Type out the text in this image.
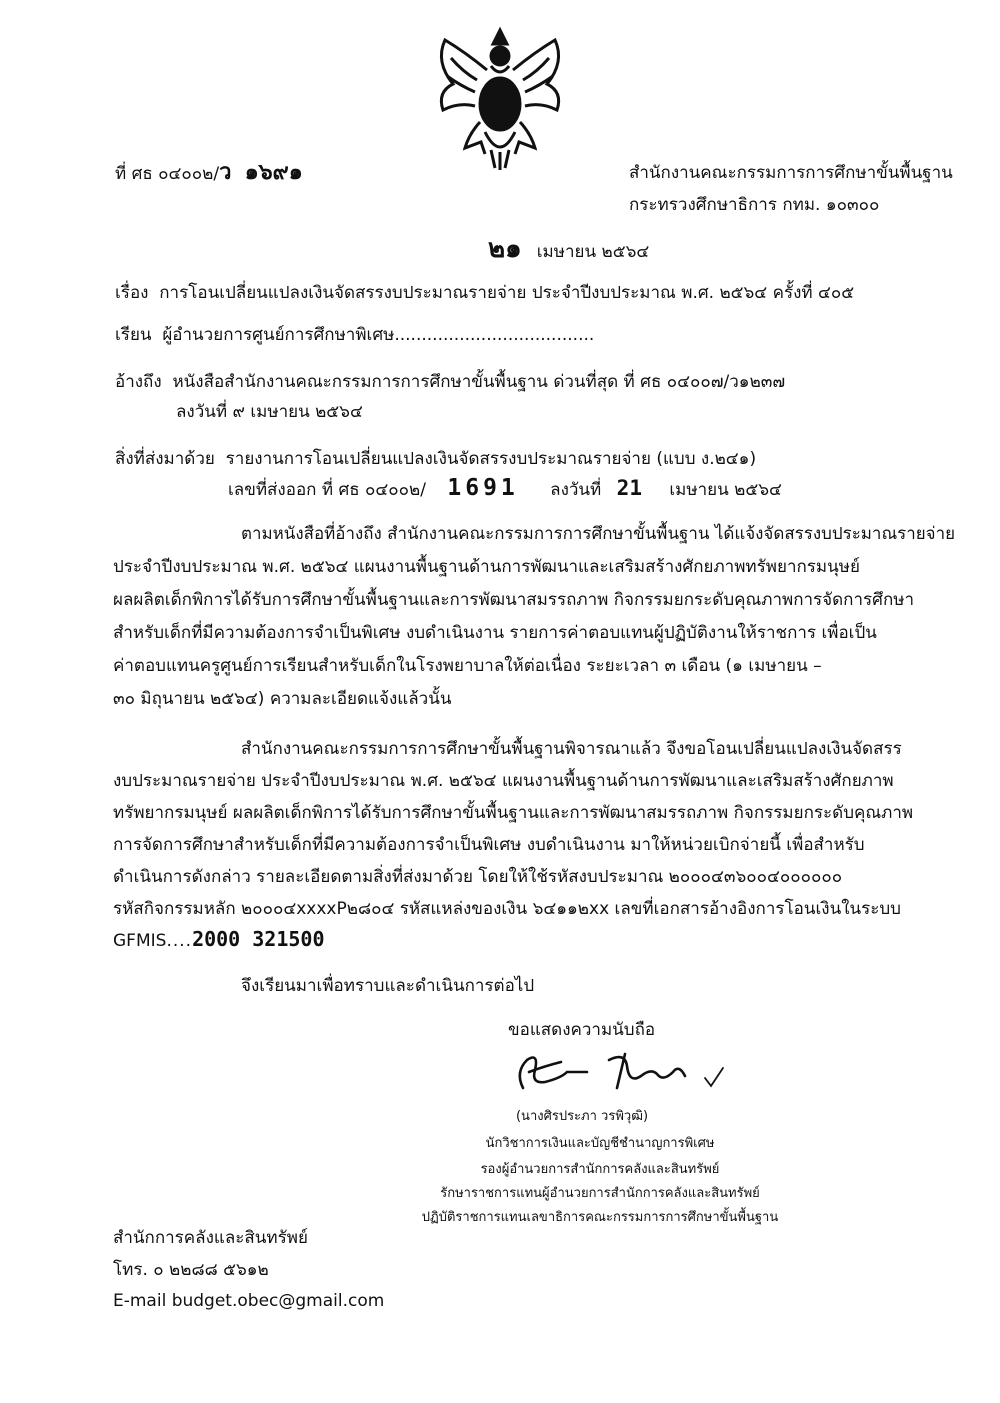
ที่ ศธ ๐๔๐๐๒/ว ๑๖๙๑	สำนักงานคณะกรรมการการศึกษาขั้นพื้นฐาน
กระทรวงศึกษาธิการ กทม. ๑๐๓๐๐
๒๑ เมษายน ๒๕๖๔
เรื่อง การโอนเปลี่ยนแปลงเงินจัดสรรงบประมาณรายจ่าย ประจำปีงบประมาณ พ.ศ. ๒๕๖๔ ครั้งที่ ๔๐๕
เรียน ผู้อำนวยการศูนย์การศึกษาพิเศษ.....................................
อ้างถึง หนังสือสำนักงานคณะกรรมการการศึกษาขั้นพื้นฐาน ด่วนที่สุด ที่ ศธ ๐๔๐๐๗/ว๑๒๓๗
ลงวันที่ ๙ เมษายน ๒๕๖๔
สิ่งที่ส่งมาด้วย รายงานการโอนเปลี่ยนแปลงเงินจัดสรรงบประมาณรายจ่าย (แบบ ง.๒๔๑)
เลขที่ส่งออก ที่ ศธ ๐๔๐๐๒/ 1691 ลงวันที่ 21 เมษายน ๒๕๖๔
ตามหนังสือที่อ้างถึง สำนักงานคณะกรรมการการศึกษาขั้นพื้นฐาน ได้แจ้งจัดสรรงบประมาณรายจ่าย
ประจำปีงบประมาณ พ.ศ. ๒๕๖๔ แผนงานพื้นฐานด้านการพัฒนาและเสริมสร้างศักยภาพทรัพยากรมนุษย์
ผลผลิตเด็กพิการได้รับการศึกษาขั้นพื้นฐานและการพัฒนาสมรรถภาพ กิจกรรมยกระดับคุณภาพการจัดการศึกษา
สำหรับเด็กที่มีความต้องการจำเป็นพิเศษ งบดำเนินงาน รายการค่าตอบแทนผู้ปฏิบัติงานให้ราชการ เพื่อเป็น
ค่าตอบแทนครูศูนย์การเรียนสำหรับเด็กในโรงพยาบาลให้ต่อเนื่อง ระยะเวลา ๓ เดือน (๑ เมษายน –
๓๐ มิถุนายน ๒๕๖๔) ความละเอียดแจ้งแล้วนั้น
สำนักงานคณะกรรมการการศึกษาขั้นพื้นฐานพิจารณาแล้ว จึงขอโอนเปลี่ยนแปลงเงินจัดสรร
งบประมาณรายจ่าย ประจำปีงบประมาณ พ.ศ. ๒๕๖๔ แผนงานพื้นฐานด้านการพัฒนาและเสริมสร้างศักยภาพ
ทรัพยากรมนุษย์ ผลผลิตเด็กพิการได้รับการศึกษาขั้นพื้นฐานและการพัฒนาสมรรถภาพ กิจกรรมยกระดับคุณภาพ
การจัดการศึกษาสำหรับเด็กที่มีความต้องการจำเป็นพิเศษ งบดำเนินงาน มาให้หน่วยเบิกจ่ายนี้ เพื่อสำหรับ
ดำเนินการดังกล่าว รายละเอียดตามสิ่งที่ส่งมาด้วย โดยให้ใช้รหัสงบประมาณ ๒๐๐๐๔๓๖๐๐๔๐๐๐๐๐๐
รหัสกิจกรรมหลัก ๒๐๐๐๔xxxxP๒๘๐๔ รหัสแหล่งของเงิน ๖๔๑๑๒xx เลขที่เอกสารอ้างอิงการโอนเงินในระบบ
GFMIS....2000 321500
จึงเรียนมาเพื่อทราบและดำเนินการต่อไป
ขอแสดงความนับถือ
(นางศิรประภา วรพิวุฒิ)
นักวิชาการเงินและบัญชีชำนาญการพิเศษ
รองผู้อำนวยการสำนักการคลังและสินทรัพย์
รักษาราชการแทนผู้อำนวยการสำนักการคลังและสินทรัพย์
ปฏิบัติราชการแทนเลขาธิการคณะกรรมการการศึกษาขั้นพื้นฐาน
สำนักการคลังและสินทรัพย์
โทร. ๐ ๒๒๘๘ ๕๖๑๒
E-mail budget.obec@gmail.com
